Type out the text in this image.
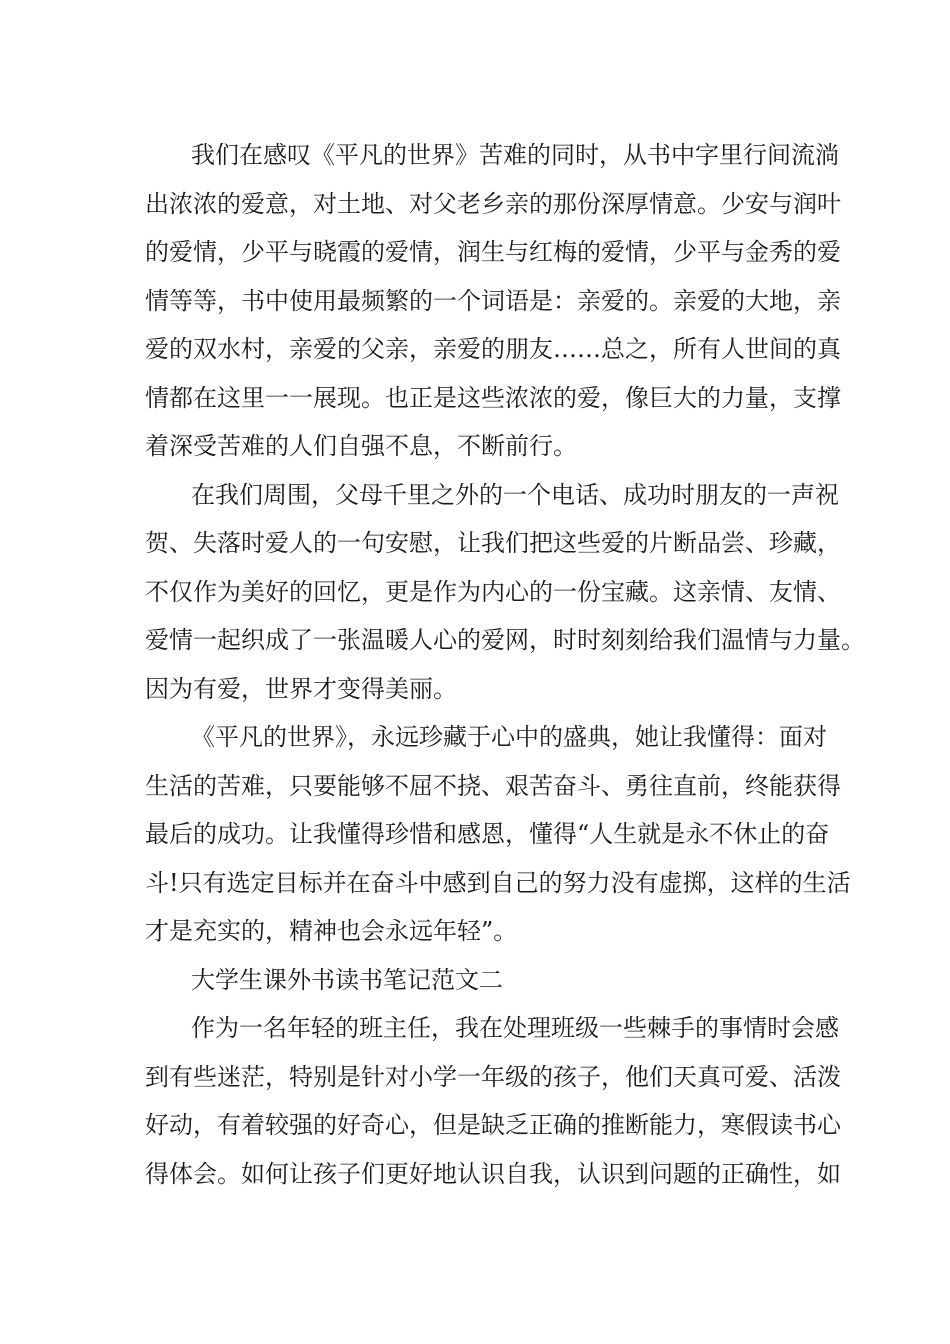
我们在感叹《平凡的世界》苦难的同时，从书中字里行间流淌
出浓浓的爱意，对土地、对父老乡亲的那份深厚情意。少安与润叶
的爱情，少平与晓霞的爱情，润生与红梅的爱情，少平与金秀的爱
情等等，书中使用最频繁的一个词语是：亲爱的。亲爱的大地，亲
爱的双水村，亲爱的父亲，亲爱的朋友……总之，所有人世间的真
情都在这里一一展现。也正是这些浓浓的爱，像巨大的力量，支撑
着深受苦难的人们自强不息，不断前行。
在我们周围，父母千里之外的一个电话、成功时朋友的一声祝
贺、失落时爱人的一句安慰，让我们把这些爱的片断品尝、珍藏，
不仅作为美好的回忆，更是作为内心的一份宝藏。这亲情、友情、
爱情一起织成了一张温暖人心的爱网，时时刻刻给我们温情与力量。
因为有爱，世界才变得美丽。
《平凡的世界》，永远珍藏于心中的盛典，她让我懂得：面对
生活的苦难，只要能够不屈不挠、艰苦奋斗、勇往直前，终能获得
最后的成功。让我懂得珍惜和感恩，懂得“人生就是永不休止的奋
斗!只有选定目标并在奋斗中感到自己的努力没有虚掷，这样的生活
才是充实的，精神也会永远年轻”。
大学生课外书读书笔记范文二
作为一名年轻的班主任，我在处理班级一些棘手的事情时会感
到有些迷茫，特别是针对小学一年级的孩子，他们天真可爱、活泼
好动，有着较强的好奇心，但是缺乏正确的推断能力，寒假读书心
得体会。如何让孩子们更好地认识自我，认识到问题的正确性，如
